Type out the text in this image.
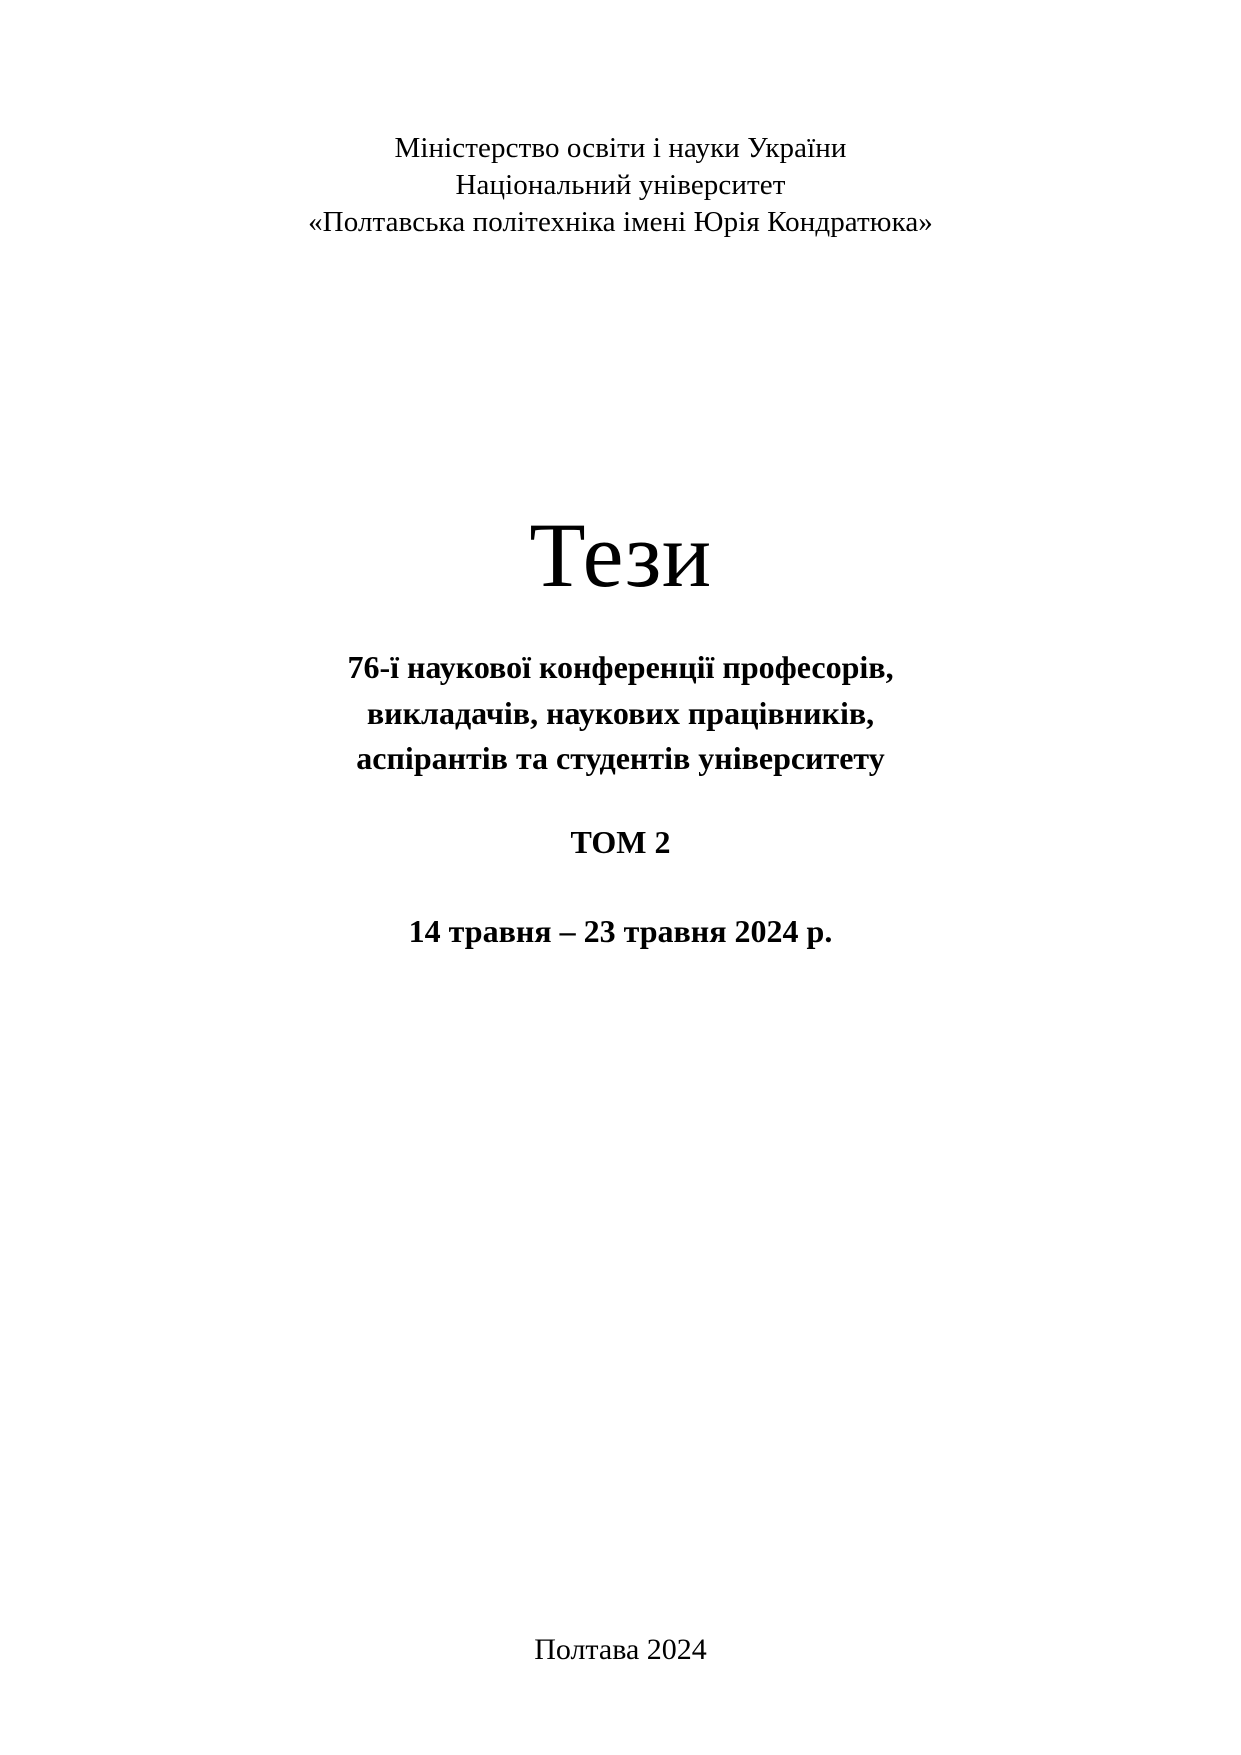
Міністерство освіти і науки України
Національний університет
«Полтавська політехніка імені Юрія Кондратюка»
Тези
76-ї наукової конференції професорів,
викладачів, наукових працівників,
аспірантів та студентів університету
ТОМ 2
14 травня – 23 травня 2024 р.
Полтава 2024
